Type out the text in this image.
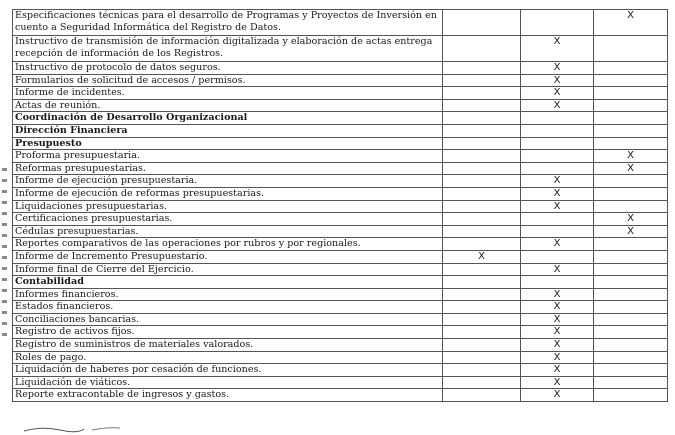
Especificaciones técnicas para el desarrollo de Programas y Proyectos de Inversión en cuento a Seguridad Informática del Registro de Datos.			X
Instructivo de transmisión de información digitalizada y elaboración de actas entrega recepción de información de los Registros.		X	
Instructivo de protocolo de datos seguros.		X	
Formularios de solicitud de accesos / permisos.		X	
Informe de incidentes.		X	
Actas de reunión.		X	
Coordinación de Desarrollo Organizacional			
Dirección Financiera			
Presupuesto			
Proforma presupuestaria.			X
Reformas presupuestarias.			X
Informe de ejecución presupuestaria.		X	
Informe de ejecución de reformas presupuestarias.		X	
Liquidaciones presupuestarias.		X	
Certificaciones presupuestarias.			X
Cédulas presupuestarias.			X
Reportes comparativos de las operaciones por rubros y por regionales.		X	
Informe de Incremento Presupuestario.	X		
Informe final de Cierre del Ejercicio.		X	
Contabilidad			
Informes financieros.		X	
Estados financieros.		X	
Conciliaciones bancarias.		X	
Registro de activos fijos.		X	
Registro de suministros de materiales valorados.		X	
Roles de pago.		X	
Liquidación de haberes por cesación de funciones.		X	
Liquidación de viáticos.		X	
Reporte extracontable de ingresos y gastos.		X	
